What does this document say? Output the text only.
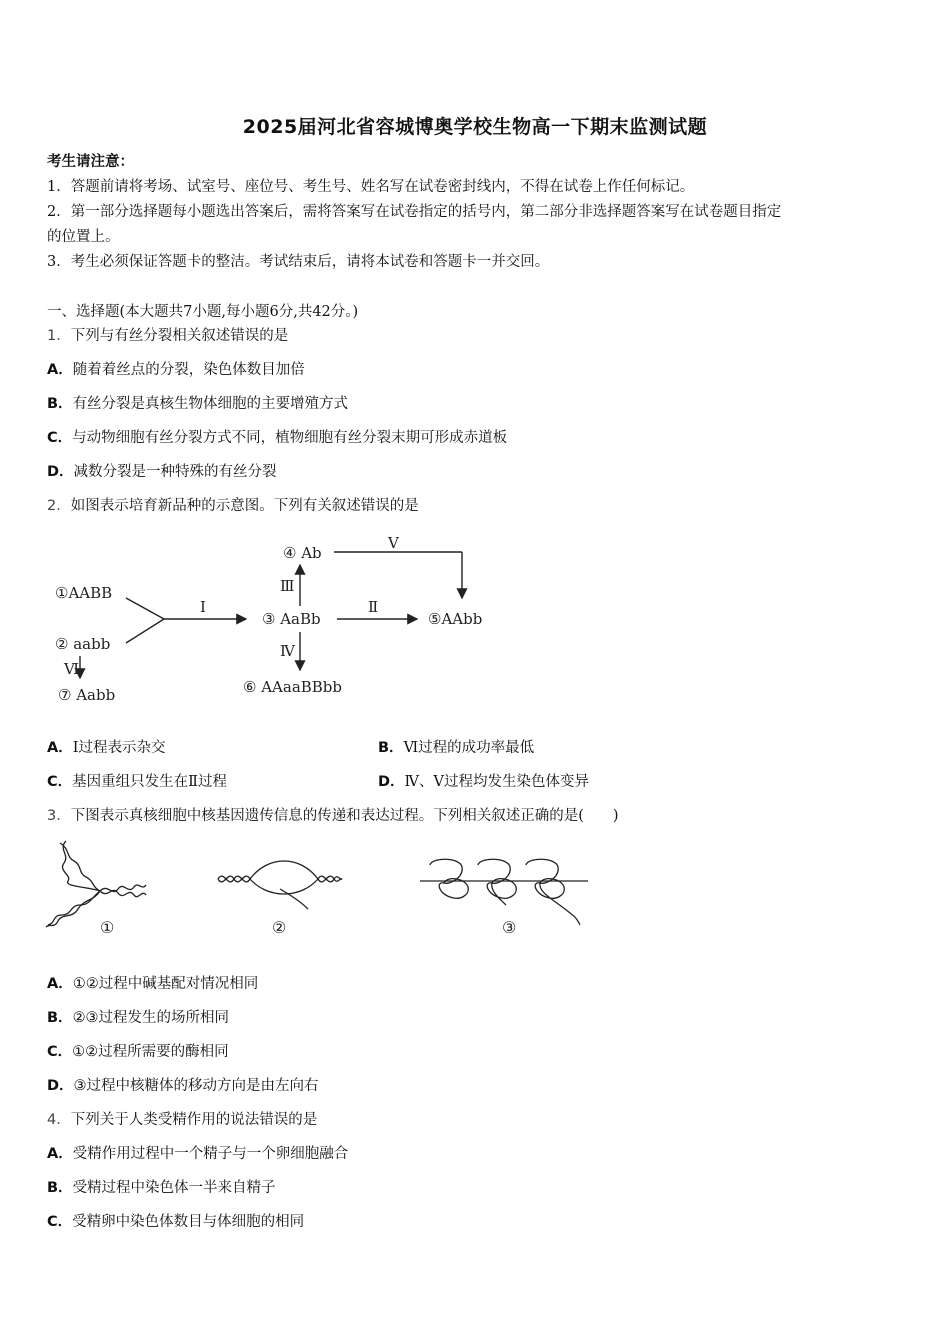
2025届河北省容城博奥学校生物高一下期末监测试题
考生请注意：
1．答题前请将考场、试室号、座位号、考生号、姓名写在试卷密封线内，不得在试卷上作任何标记。
2．第一部分选择题每小题选出答案后，需将答案写在试卷指定的括号内，第二部分非选择题答案写在试卷题目指定
的位置上。
3．考生必须保证答题卡的整洁。考试结束后，请将本试卷和答题卡一并交回。
一、选择题(本大题共7小题,每小题6分,共42分。)
1．下列与有丝分裂相关叙述错误的是
A．随着着丝点的分裂，染色体数目加倍
B．有丝分裂是真核生物体细胞的主要增殖方式
C．与动物细胞有丝分裂方式不同，植物细胞有丝分裂末期可形成赤道板
D．减数分裂是一种特殊的有丝分裂
2．如图表示培育新品种的示意图。下列有关叙述错误的是
①AABB
② aabb
③ AaBb
④ Ab
⑤AAbb
⑥ AAaaBBbb
⑦ Aabb
Ⅰ	Ⅱ
Ⅲ
Ⅳ
Ⅴ
Ⅵ
A．Ⅰ过程表示杂交	B．Ⅵ过程的成功率最低
C．基因重组只发生在Ⅱ过程	D．Ⅳ、Ⅴ过程均发生染色体变异
3．下图表示真核细胞中核基因遗传信息的传递和表达过程。下列相关叙述正确的是(　　)
①	②	③
A．①②过程中碱基配对情况相同
B．②③过程发生的场所相同
C．①②过程所需要的酶相同
D．③过程中核糖体的移动方向是由左向右
4．下列关于人类受精作用的说法错误的是
A．受精作用过程中一个精子与一个卵细胞融合
B．受精过程中染色体一半来自精子
C．受精卵中染色体数目与体细胞的相同
